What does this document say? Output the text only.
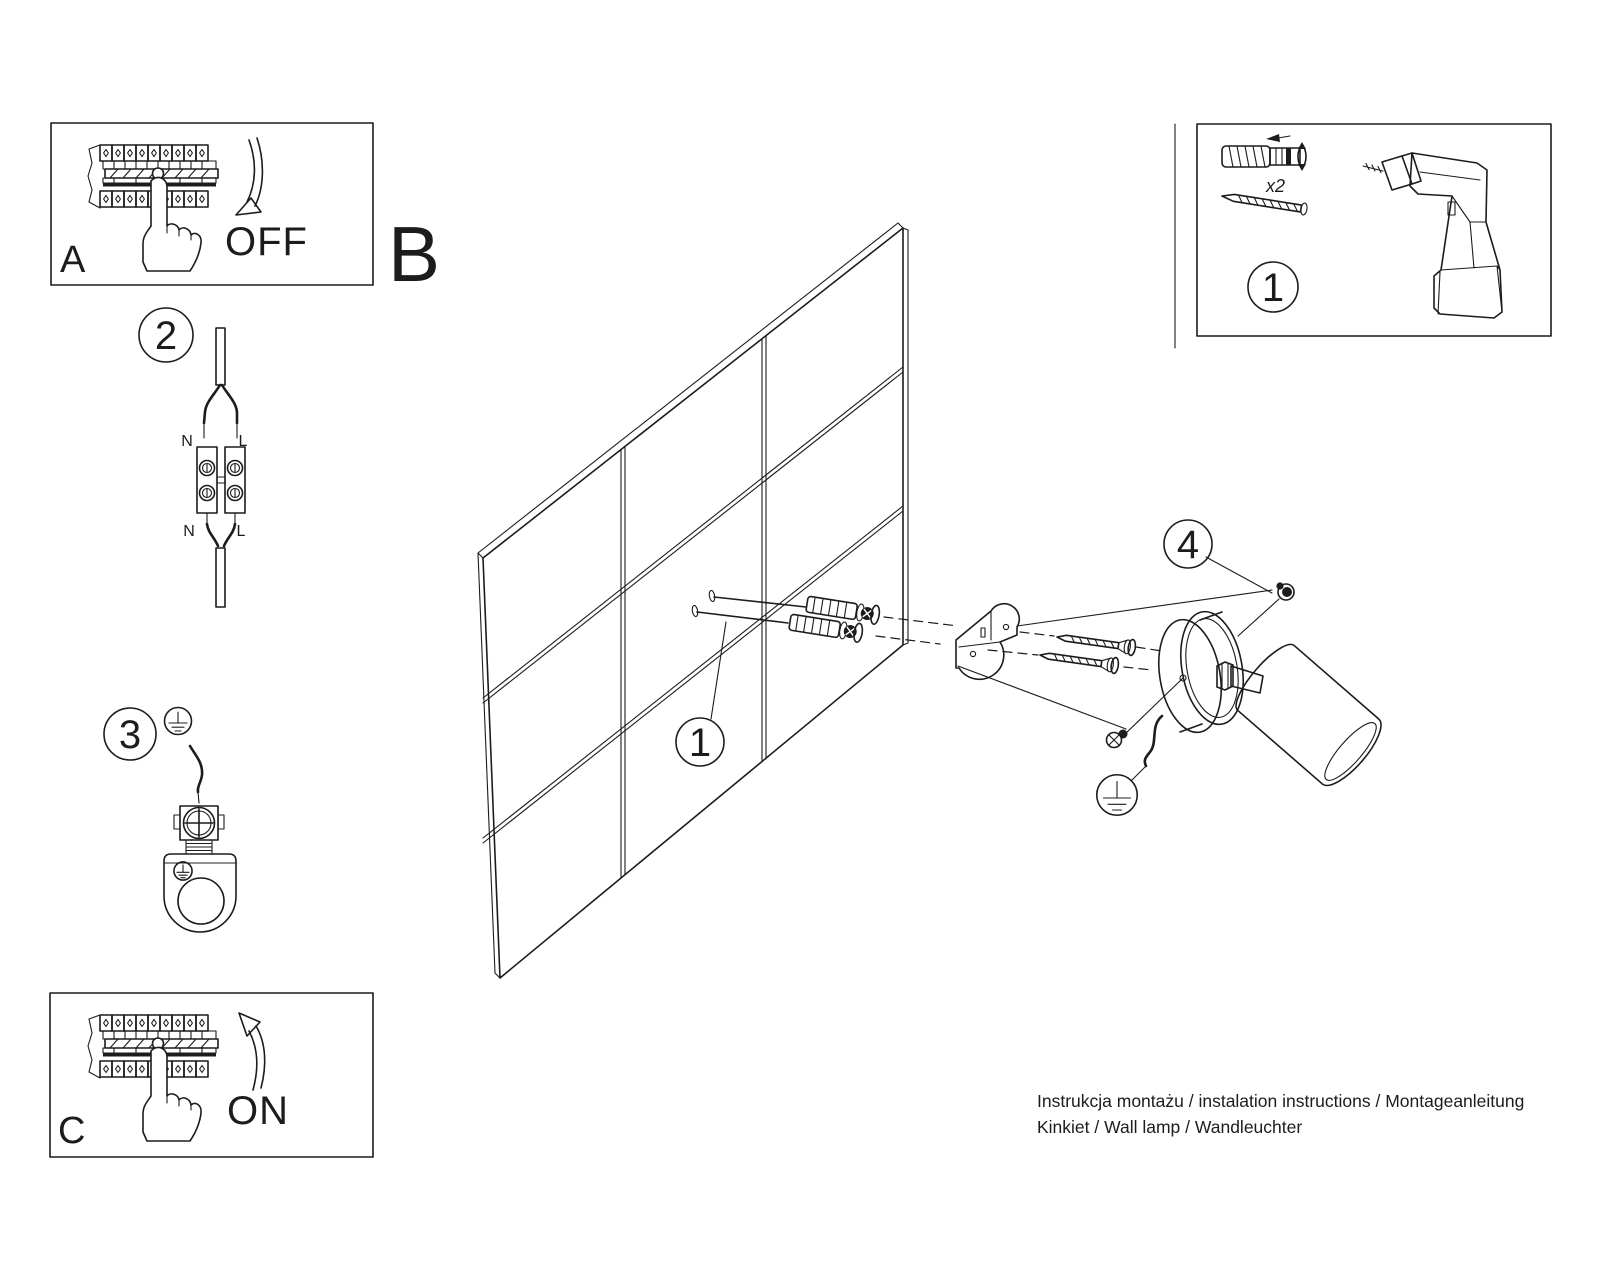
A	OFF
C	ON
2
N	L
N	L
3
B
1
4
x2
1
Instrukcja montażu / instalation instructions / Montageanleitung
Kinkiet / Wall lamp / Wandleuchter
